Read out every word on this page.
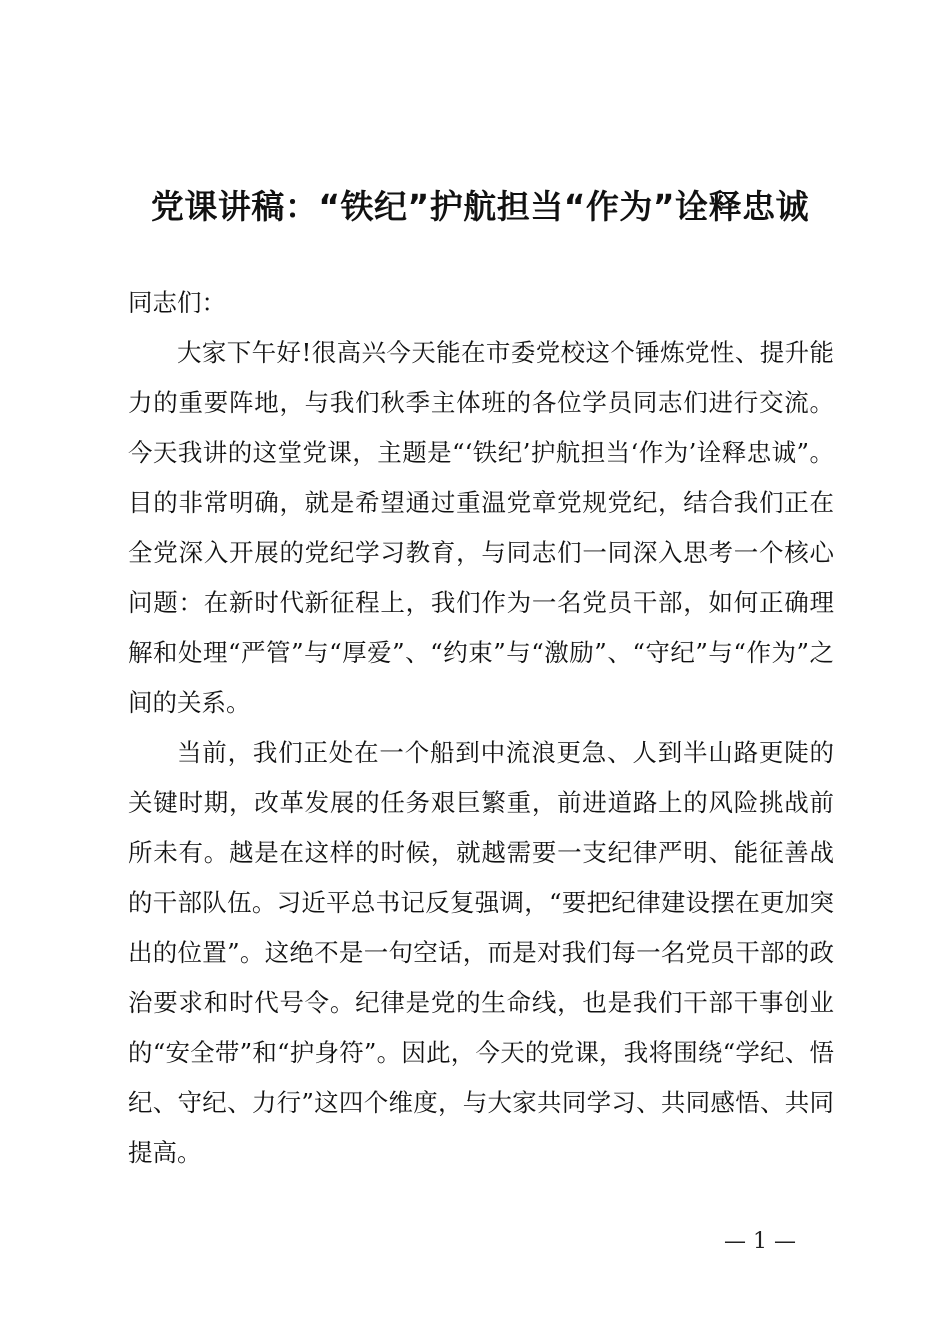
党课讲稿：“铁纪”护航担当“作为”诠释忠诚

同志们：

大家下午好!很高兴今天能在市委党校这个锤炼党性、提升能力的重要阵地，与我们秋季主体班的各位学员同志们进行交流。今天我讲的这堂党课，主题是“‘铁纪’护航担当‘作为’诠释忠诚”。目的非常明确，就是希望通过重温党章党规党纪，结合我们正在全党深入开展的党纪学习教育，与同志们一同深入思考一个核心问题：在新时代新征程上，我们作为一名党员干部，如何正确理解和处理“严管”与“厚爱”、“约束”与“激励”、“守纪”与“作为”之间的关系。

当前，我们正处在一个船到中流浪更急、人到半山路更陡的关键时期，改革发展的任务艰巨繁重，前进道路上的风险挑战前所未有。越是在这样的时候，就越需要一支纪律严明、能征善战的干部队伍。习近平总书记反复强调，“要把纪律建设摆在更加突出的位置”。这绝不是一句空话，而是对我们每一名党员干部的政治要求和时代号令。纪律是党的生命线，也是我们干部干事创业的“安全带”和“护身符”。因此，今天的党课，我将围绕“学纪、悟纪、守纪、力行”这四个维度，与大家共同学习、共同感悟、共同提高。

— 1 —
